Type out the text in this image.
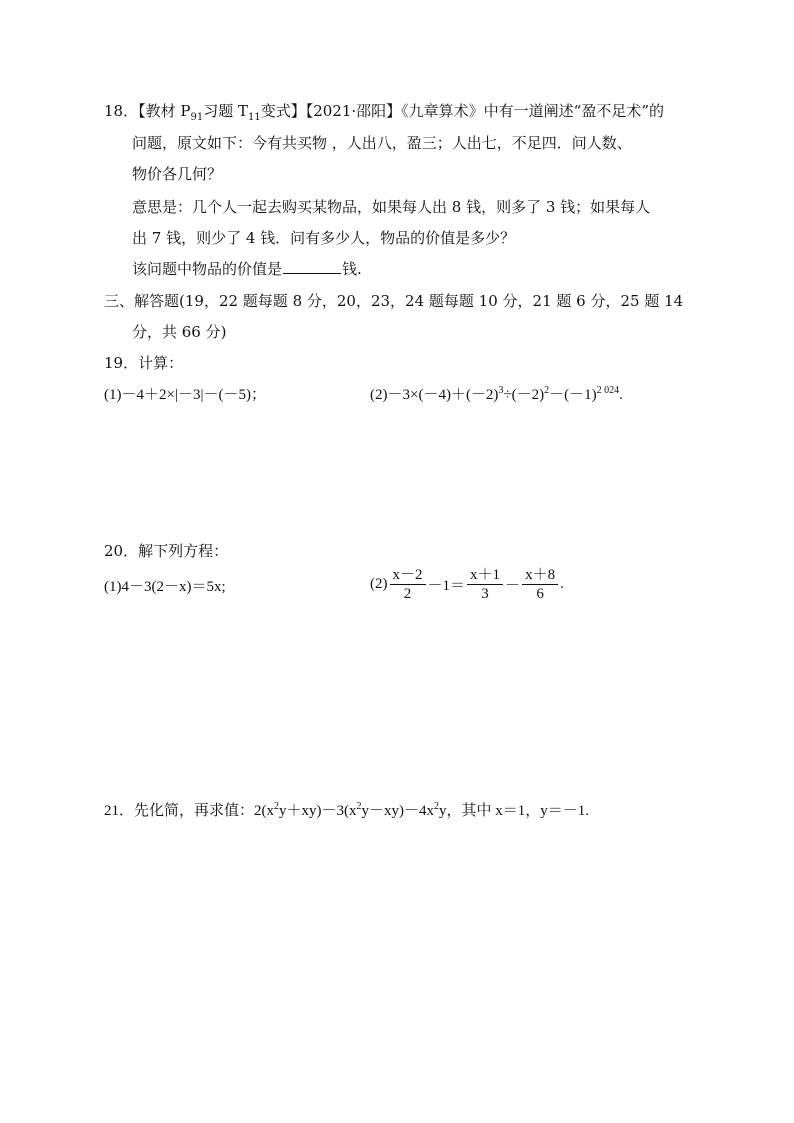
18．【教材 $P_{91}$习题 $T_{11}$变式】【2021·邵阳】《九章算术》中有一道阐述“盈不足术”的
问题，原文如下：今有共买物 ，人出八，盈三；人出七，不足四．问人数、
物价各几何？
意思是：几个人一起去购买某物品，如果每人出 8 钱，则多了 3 钱；如果每人
出 7 钱，则少了 4 钱．问有多少人，物品的价值是多少？
该问题中物品的价值是	钱.
三、解答题(19，22 题每题 8 分，20，23，24 题每题 10 分，21 题 6 分，25 题 14
分，共 66 分)
19．计算：
(1)－4＋2×|－3|－(－5)；	$(2)-3\times(-4)+(-2)^3\div(-2)^2-(-1)^{2 024}$.
20．解下列方程：
(1)4－3(2－x)＝5x;	$(2) \frac{x-2}{2} -1= \frac{x+1}{3} - \frac{x+8}{6}$ .
21．先化简，再求值：$2(x^2y+xy)-3(x^2y-xy)-4x^2y$，其中 x＝1，y＝－1.
